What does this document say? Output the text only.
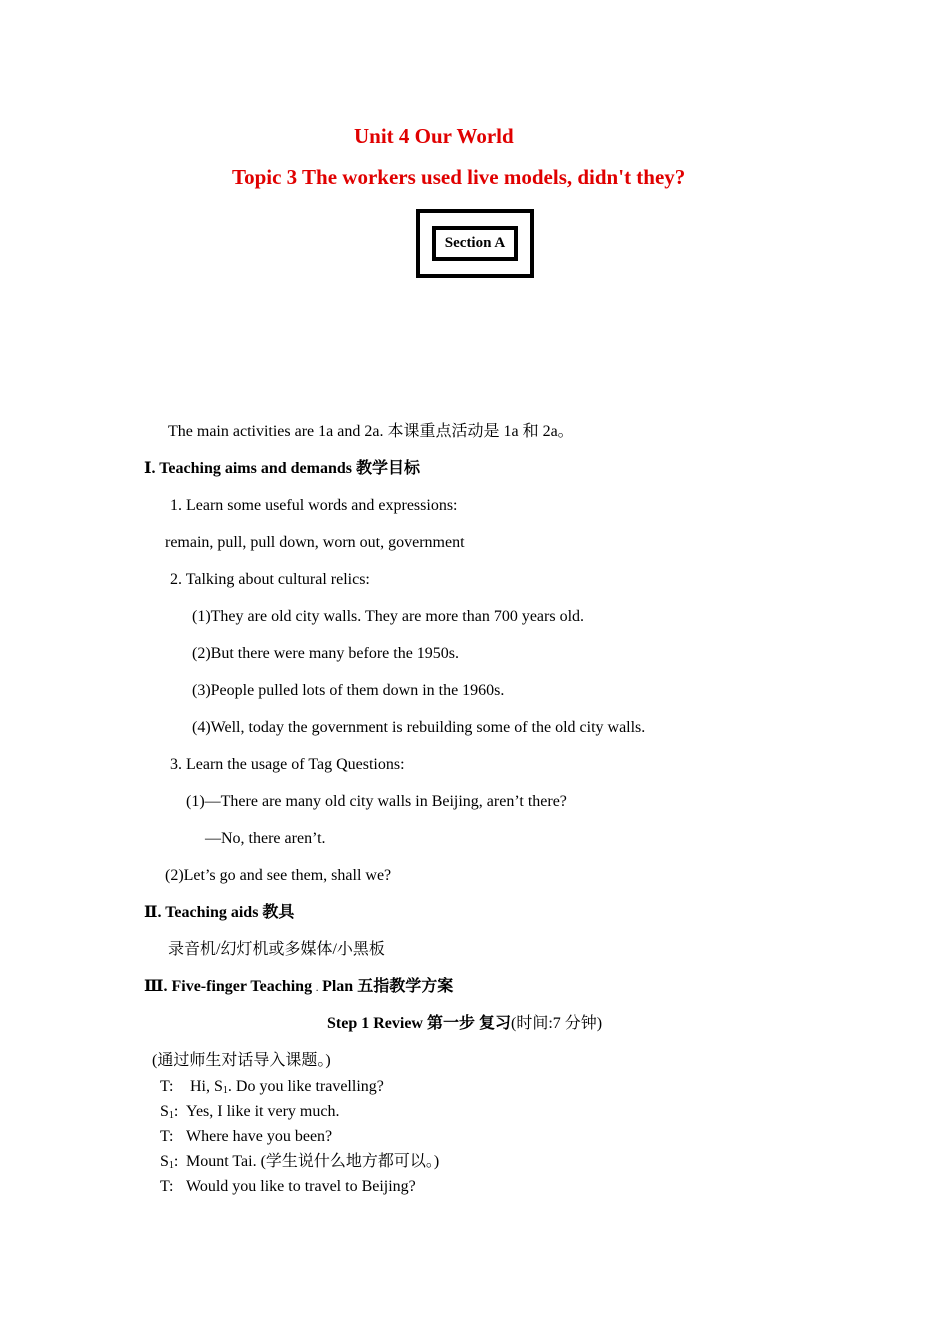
Unit 4 Our World
Topic 3 The workers used live models, didn't they?
Section A
The main activities are 1a and 2a. 本课重点活动是 1a 和 2a。
Ⅰ. Teaching aims and demands 教学目标
1. Learn some useful words and expressions:
remain, pull, pull down, worn out, government
2. Talking about cultural relics:
(1)They are old city walls. They are more than 700 years old.
(2)But there were many before the 1950s.
(3)People pulled lots of them down in the 1960s.
(4)Well, today the government is rebuilding some of the old city walls.
3. Learn the usage of Tag Questions:
(1)—There are many old city walls in Beijing, aren’t there?
—No, there aren’t.
(2)Let’s go and see them, shall we?
Ⅱ. Teaching aids 教具
录音机/幻灯机或多媒体/小黑板
Ⅲ. Five-finger Teaching . Plan 五指教学方案
Step 1 Review 第一步 复习(时间:7 分钟)
(通过师生对话导入课题。)
T: Hi, $S_1$. Do you like travelling?
$S_1$: Yes, I like it very much.
T: Where have you been?
$S_1$: Mount Tai. (学生说什么地方都可以。)
T: Would you like to travel to Beijing?
